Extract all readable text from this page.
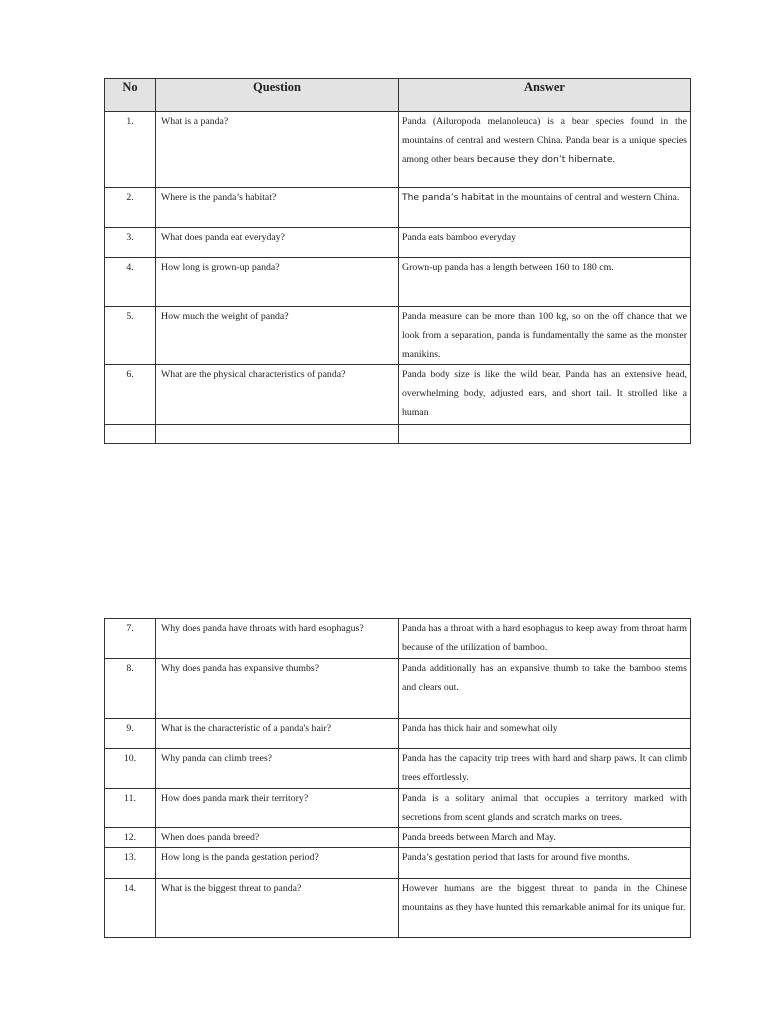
No	Question	Answer
1.	What is a panda?	Panda (Ailuropoda melanoleuca) is a bear species found in the mountains of central and western China. Panda bear is a unique species among other bears because they don’t hibernate.
2.	Where is the panda’s habitat?	The panda’s habitat in the mountains of central and western China.
3.	What does panda eat everyday?	Panda eats bamboo everyday
4.	How long is grown-up panda?	Grown-up panda has a length between 160 to 180 cm.
5.	How much the weight of panda?	Panda measure can be more than 100 kg, so on the off chance that we look from a separation, panda is fundamentally the same as the monster manikins.
6.	What are the physical characteristics of panda?	Panda body size is like the wild bear. Panda has an extensive head, overwhelming body, adjusted ears, and short tail. It strolled like a human

7.	Why does panda have throats with hard esophagus?	Panda has a throat with a hard esophagus to keep away from throat harm because of the utilization of bamboo.
8.	Why does panda has expansive thumbs?	Panda additionally has an expansive thumb to take the bamboo stems and clears out.
9.	What is the characteristic of a panda's hair?	Panda has thick hair and somewhat oily
10.	Why panda can climb trees?	Panda has the capacity trip trees with hard and sharp paws. It can climb trees effortlessly.
11.	How does panda mark their territory?	Panda is a solitary animal that occupies a territory marked with secretions from scent glands and scratch marks on trees.
12.	When does panda breed?	Panda breeds between March and May.
13.	How long is the panda gestation period?	Panda’s gestation period that lasts for around five months.
14.	What is the biggest threat to panda?	However humans are the biggest threat to panda in the Chinese mountains as they have hunted this remarkable animal for its unique fur.
